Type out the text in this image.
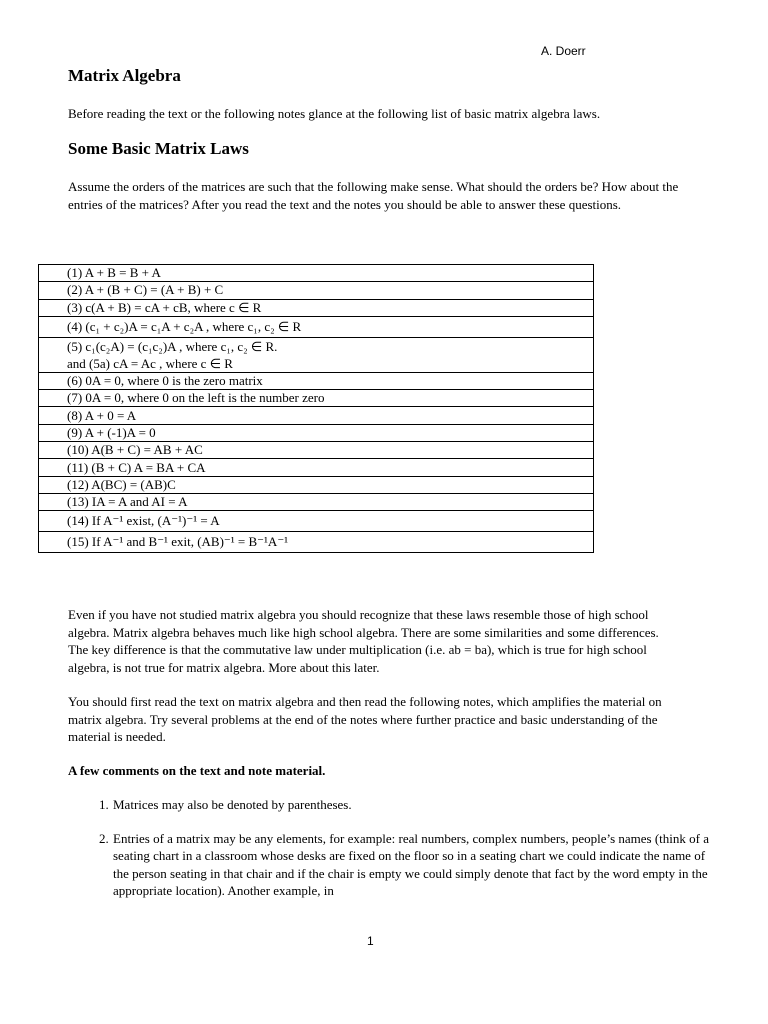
A. Doerr
Matrix Algebra

Before reading the text or the following notes glance at the following list of basic matrix algebra laws.

Some Basic Matrix Laws

Assume the orders of the matrices are such that the following make sense. What should the orders be? How about the entries of the matrices? After you read the text and the notes you should be able to answer these questions.

(1) A + B = B + A
(2) A + (B + C) = (A + B) + C
(3) c(A + B) = cA + cB, where c ∈ R
(4) (c₁ + c₂)A = c₁A + c₂A , where c₁, c₂ ∈ R

(5) c₁(c₂A) = (c₁c₂)A , where c₁, c₂ ∈ R.
and (5a) cA = Ac , where c ∈ R

(6) 0A = 0, where 0 is the zero matrix
(7) 0A = 0, where 0 on the left is the number zero
(8) A + 0 = A
(9) A + (-1)A = 0
(10) A(B + C) = AB + AC
(11) (B + C) A = BA + CA
(12) A(BC) = (AB)C
(13) IA = A and AI = A
(14) If A⁻¹ exist, (A⁻¹)⁻¹ = A
(15) If A⁻¹ and B⁻¹ exit, (AB)⁻¹ = B⁻¹A⁻¹

Even if you have not studied matrix algebra you should recognize that these laws resemble those of high school algebra. Matrix algebra behaves much like high school algebra. There are some similarities and some differences. The key difference is that the commutative law under multiplication (i.e. ab = ba), which is true for high school algebra, is not true for matrix algebra. More about this later.

You should first read the text on matrix algebra and then read the following notes, which amplifies the material on matrix algebra. Try several problems at the end of the notes where further practice and basic understanding of the material is needed.

A few comments on the text and note material.
1. Matrices may also be denoted by parentheses.
2. Entries of a matrix may be any elements, for example: real numbers, complex numbers, people’s names (think of a seating chart in a classroom whose desks are fixed on the floor so in a seating chart we could indicate the name of the person seating in that chair and if the chair is empty we could simply denote that fact by the word empty in the appropriate location). Another example, in
1
